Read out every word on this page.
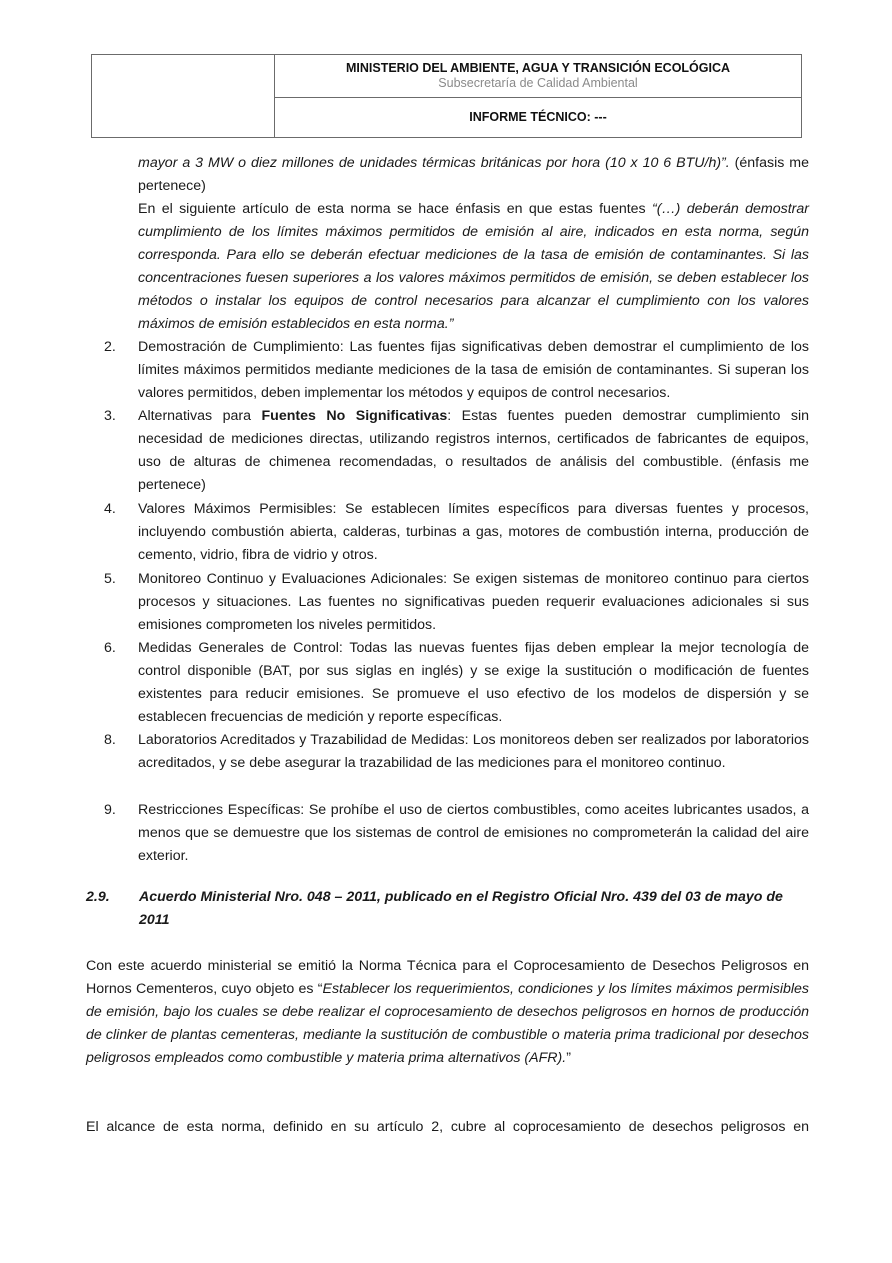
MINISTERIO DEL AMBIENTE, AGUA Y TRANSICIÓN ECOLÓGICA
Subsecretaría de Calidad Ambiental
INFORME TÉCNICO: ---
mayor a 3 MW o diez millones de unidades térmicas británicas por hora (10 x 10 6 BTU/h)”. (énfasis me pertenece)
En el siguiente artículo de esta norma se hace énfasis en que estas fuentes “(…) deberán demostrar cumplimiento de los límites máximos permitidos de emisión al aire, indicados en esta norma, según corresponda. Para ello se deberán efectuar mediciones de la tasa de emisión de contaminantes. Si las concentraciones fuesen superiores a los valores máximos permitidos de emisión, se deben establecer los métodos o instalar los equipos de control necesarios para alcanzar el cumplimiento con los valores máximos de emisión establecidos en esta norma.”
2.	Demostración de Cumplimiento: Las fuentes fijas significativas deben demostrar el cumplimiento de los límites máximos permitidos mediante mediciones de la tasa de emisión de contaminantes. Si superan los valores permitidos, deben implementar los métodos y equipos de control necesarios.
3.	Alternativas para Fuentes No Significativas: Estas fuentes pueden demostrar cumplimiento sin necesidad de mediciones directas, utilizando registros internos, certificados de fabricantes de equipos, uso de alturas de chimenea recomendadas, o resultados de análisis del combustible. (énfasis me pertenece)
4.	Valores Máximos Permisibles: Se establecen límites específicos para diversas fuentes y procesos, incluyendo combustión abierta, calderas, turbinas a gas, motores de combustión interna, producción de cemento, vidrio, fibra de vidrio y otros.
5.	Monitoreo Continuo y Evaluaciones Adicionales: Se exigen sistemas de monitoreo continuo para ciertos procesos y situaciones. Las fuentes no significativas pueden requerir evaluaciones adicionales si sus emisiones comprometen los niveles permitidos.
6.	Medidas Generales de Control: Todas las nuevas fuentes fijas deben emplear la mejor tecnología de control disponible (BAT, por sus siglas en inglés) y se exige la sustitución o modificación de fuentes existentes para reducir emisiones. Se promueve el uso efectivo de los modelos de dispersión y se establecen frecuencias de medición y reporte específicas.
8.	Laboratorios Acreditados y Trazabilidad de Medidas: Los monitoreos deben ser realizados por laboratorios acreditados, y se debe asegurar la trazabilidad de las mediciones para el monitoreo continuo.
9.	Restricciones Específicas: Se prohíbe el uso de ciertos combustibles, como aceites lubricantes usados, a menos que se demuestre que los sistemas de control de emisiones no comprometerán la calidad del aire exterior.
2.9. Acuerdo Ministerial Nro. 048 – 2011, publicado en el Registro Oficial Nro. 439 del 03 de mayo de 2011
Con este acuerdo ministerial se emitió la Norma Técnica para el Coprocesamiento de Desechos Peligrosos en Hornos Cementeros, cuyo objeto es “Establecer los requerimientos, condiciones y los límites máximos permisibles de emisión, bajo los cuales se debe realizar el coprocesamiento de desechos peligrosos en hornos de producción de clinker de plantas cementeras, mediante la sustitución de combustible o materia prima tradicional por desechos peligrosos empleados como combustible y materia prima alternativos (AFR).”
El alcance de esta norma, definido en su artículo 2, cubre al coprocesamiento de desechos peligrosos en
